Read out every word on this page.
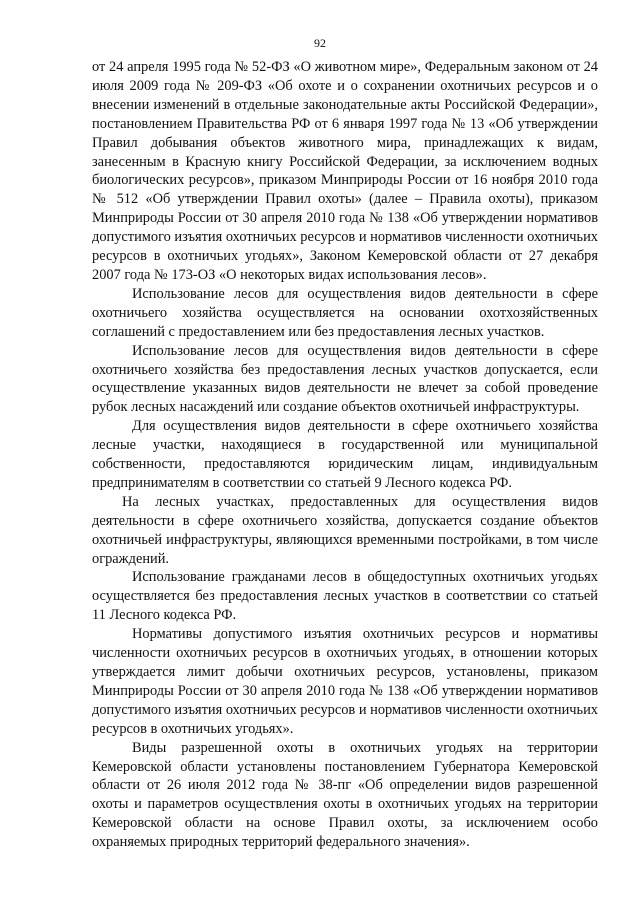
92

от 24 апреля 1995 года № 52-ФЗ «О животном мире», Федеральным законом от 24 июля 2009 года № 209-ФЗ «Об охоте и о сохранении охотничьих ресурсов и о внесении изменений в отдельные законодательные акты Российской Федерации», постановлением Правительства РФ от 6 января 1997 года № 13 «Об утверждении Правил добывания объектов животного мира, принадлежащих к видам, занесенным в Красную книгу Российской Федерации, за исключением водных биологических ресурсов», приказом Минприроды России от 16 ноября 2010 года № 512 «Об утверждении Правил охоты» (далее – Правила охоты), приказом Минприроды России от 30 апреля 2010 года № 138 «Об утверждении нормативов допустимого изъятия охотничьих ресурсов и нормативов численности охотничьих ресурсов в охотничьих угодьях», Законом Кемеровской области от 27 декабря 2007 года № 173-ОЗ «О некоторых видах использования лесов».

Использование лесов для осуществления видов деятельности в сфере охотничьего хозяйства осуществляется на основании охотхозяйственных соглашений с предоставлением или без предоставления лесных участков.

Использование лесов для осуществления видов деятельности в сфере охотничьего хозяйства без предоставления лесных участков допускается, если осуществление указанных видов деятельности не влечет за собой проведение рубок лесных насаждений или создание объектов охотничьей инфраструктуры.

Для осуществления видов деятельности в сфере охотничьего хозяйства лесные участки, находящиеся в государственной или муниципальной собственности, предоставляются юридическим лицам, индивидуальным предпринимателям в соответствии со статьей 9 Лесного кодекса РФ.

На лесных участках, предоставленных для осуществления видов деятельности в сфере охотничьего хозяйства, допускается создание объектов охотничьей инфраструктуры, являющихся временными постройками, в том числе ограждений.

Использование гражданами лесов в общедоступных охотничьих угодьях осуществляется без предоставления лесных участков в соответствии со статьей 11 Лесного кодекса РФ.

Нормативы допустимого изъятия охотничьих ресурсов и нормативы численности охотничьих ресурсов в охотничьих угодьях, в отношении которых утверждается лимит добычи охотничьих ресурсов, установлены, приказом Минприроды России от 30 апреля 2010 года № 138 «Об утверждении нормативов допустимого изъятия охотничьих ресурсов и нормативов численности охотничьих ресурсов в охотничьих угодьях».

Виды разрешенной охоты в охотничьих угодьях на территории Кемеровской области установлены постановлением Губернатора Кемеровской области от 26 июля 2012 года № 38-пг «Об определении видов разрешенной охоты и параметров осуществления охоты в охотничьих угодьях на территории Кемеровской области на основе Правил охоты, за исключением особо охраняемых природных территорий федерального значения».
